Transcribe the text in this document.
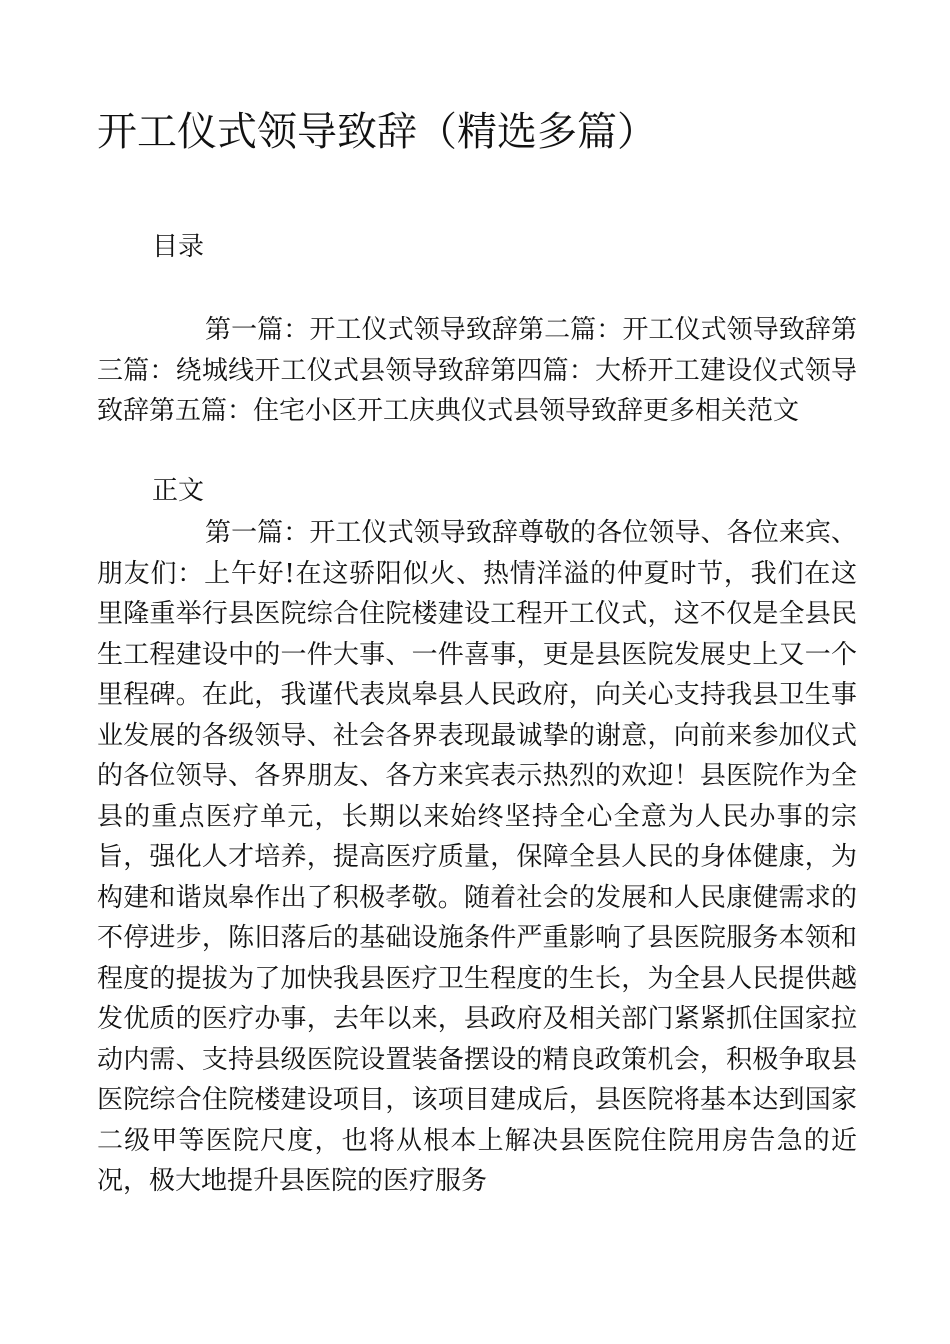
开工仪式领导致辞（精选多篇）
目录

第一篇：开工仪式领导致辞第二篇：开工仪式领导致辞第三篇：绕城线开工仪式县领导致辞第四篇：大桥开工建设仪式领导致辞第五篇：住宅小区开工庆典仪式县领导致辞更多相关范文

正文

第一篇：开工仪式领导致辞尊敬的各位领导、各位来宾、朋友们：上午好!在这骄阳似火、热情洋溢的仲夏时节，我们在这里隆重举行县医院综合住院楼建设工程开工仪式，这不仅是全县民生工程建设中的一件大事、一件喜事，更是县医院发展史上又一个里程碑。在此，我谨代表岚皋县人民政府，向关心支持我县卫生事业发展的各级领导、社会各界表现最诚挚的谢意，向前来参加仪式的各位领导、各界朋友、各方来宾表示热烈的欢迎！县医院作为全县的重点医疗单元，长期以来始终坚持全心全意为人民办事的宗旨，强化人才培养，提高医疗质量，保障全县人民的身体健康，为构建和谐岚皋作出了积极孝敬。随着社会的发展和人民康健需求的不停进步，陈旧落后的基础设施条件严重影响了县医院服务本领和程度的提拔为了加快我县医疗卫生程度的生长，为全县人民提供越发优质的医疗办事，去年以来，县政府及相关部门紧紧抓住国家拉动内需、支持县级医院设置装备摆设的精良政策机会，积极争取县医院综合住院楼建设项目，该项目建成后，县医院将基本达到国家二级甲等医院尺度，也将从根本上解决县医院住院用房告急的近况，极大地提升县医院的医疗服务
